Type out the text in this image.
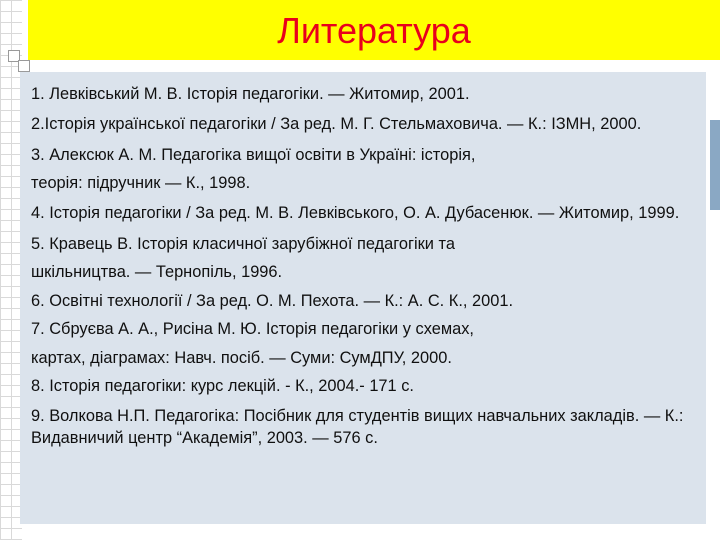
Литература
1. Левківський М. В. Історія педагогіки. — Житомир, 2001.
2.Історія української педагогіки / За ред. М. Г. Стельмаховича. — К.: ІЗМН, 2000.
3. Алексюк А. М. Педагогіка вищої освіти в Україні: історія,
теорія: підручник — К., 1998.
4. Історія педагогіки / За ред. М. В. Левківського, О. А. Дубасенюк. — Житомир, 1999.
5. Кравець В. Історія класичної зарубіжної педагогіки та
шкільництва. — Тернопіль, 1996.
6. Освітні технології / За ред. О. М. Пехота. — К.: А. С. К., 2001.
7. Сбруєва А. А., Рисіна М. Ю. Історія педагогіки у схемах,
картах, діаграмах: Навч. посіб. — Суми: СумДПУ, 2000.
8. Історія педагогіки: курс лекцій. - К., 2004.- 171 с.
9. Волкова Н.П. Педагогіка: Посібник для студентів вищих навчальних закладів. — К.: Видавничий центр “Академія”, 2003. — 576 с.
